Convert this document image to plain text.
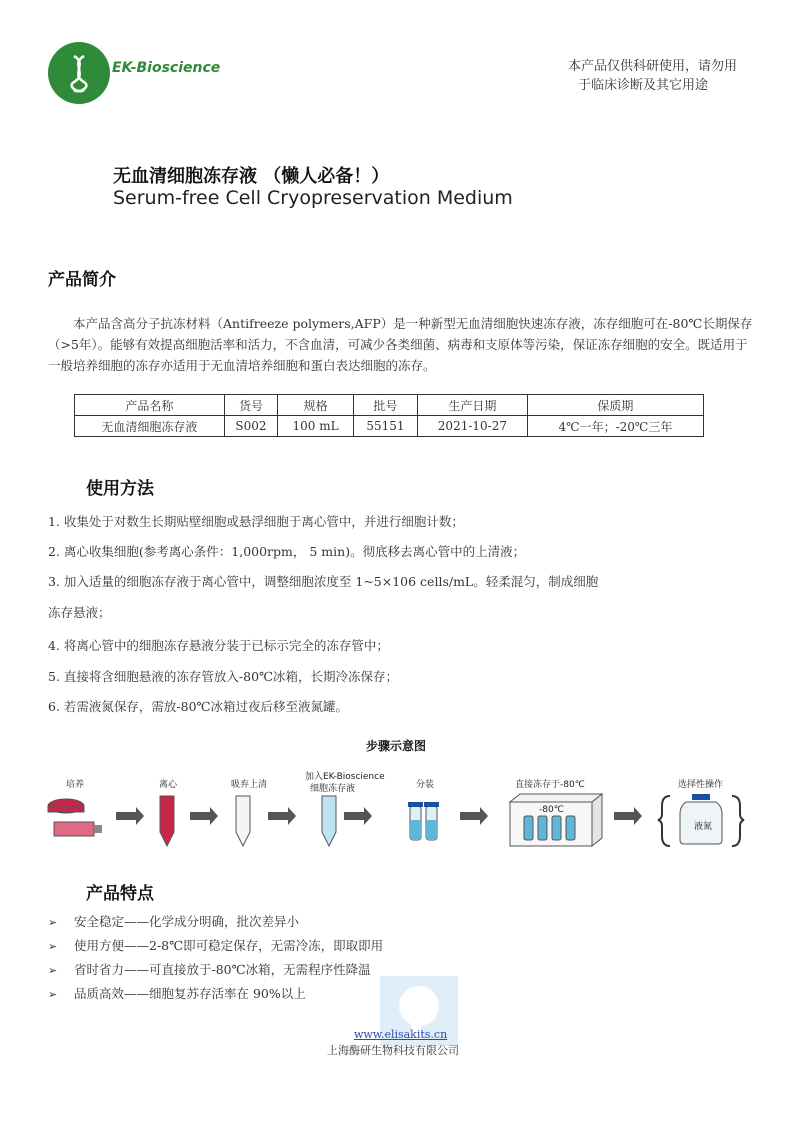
EK-Bioscience	本产品仅供科研使用，请勿用
于临床诊断及其它用途
无血清细胞冻存液 （懒人必备！）
Serum-free Cell Cryopreservation Medium
产品简介
本产品含高分子抗冻材料（Antifreeze polymers,AFP）是一种新型无血清细胞快速冻存液，冻存细胞可在-80℃长期保存（>5年）。能够有效提高细胞活率和活力，不含血清，可减少各类细菌、病毒和支原体等污染，保证冻存细胞的安全。既适用于一般培养细胞的冻存亦适用于无血清培养细胞和蛋白表达细胞的冻存。
产品名称	货号	规格	批号	生产日期	保质期
无血清细胞冻存液	S002	100 mL	55151	2021-10-27	4℃一年；-20℃三年
使用方法
1. 收集处于对数生长期贴壁细胞或悬浮细胞于离心管中，并进行细胞计数；
2. 离心收集细胞(参考离心条件：1,000rpm， 5 min)。彻底移去离心管中的上清液；
3. 加入适量的细胞冻存液于离心管中，调整细胞浓度至 1~5×106 cells/mL。轻柔混匀，制成细胞
冻存悬液；
4. 将离心管中的细胞冻存悬液分装于已标示完全的冻存管中；
5. 直接将含细胞悬液的冻存管放入-80℃冰箱，长期冷冻保存；
6. 若需液氮保存，需放-80℃冰箱过夜后移至液氮罐。
步骤示意图
培养	离心	吸弃上清
加入EK-Bioscience
细胞冻存液	分装	直接冻存于-80℃	选择性操作
-80℃
液氮
产品特点
➢ 安全稳定——化学成分明确，批次差异小
➢ 使用方便——2-8℃即可稳定保存，无需冷冻，即取即用
➢ 省时省力——可直接放于-80℃冰箱，无需程序性降温
➢ 品质高效——细胞复苏存活率在 90%以上
www.elisakits.cn
上海酶研生物科技有限公司
